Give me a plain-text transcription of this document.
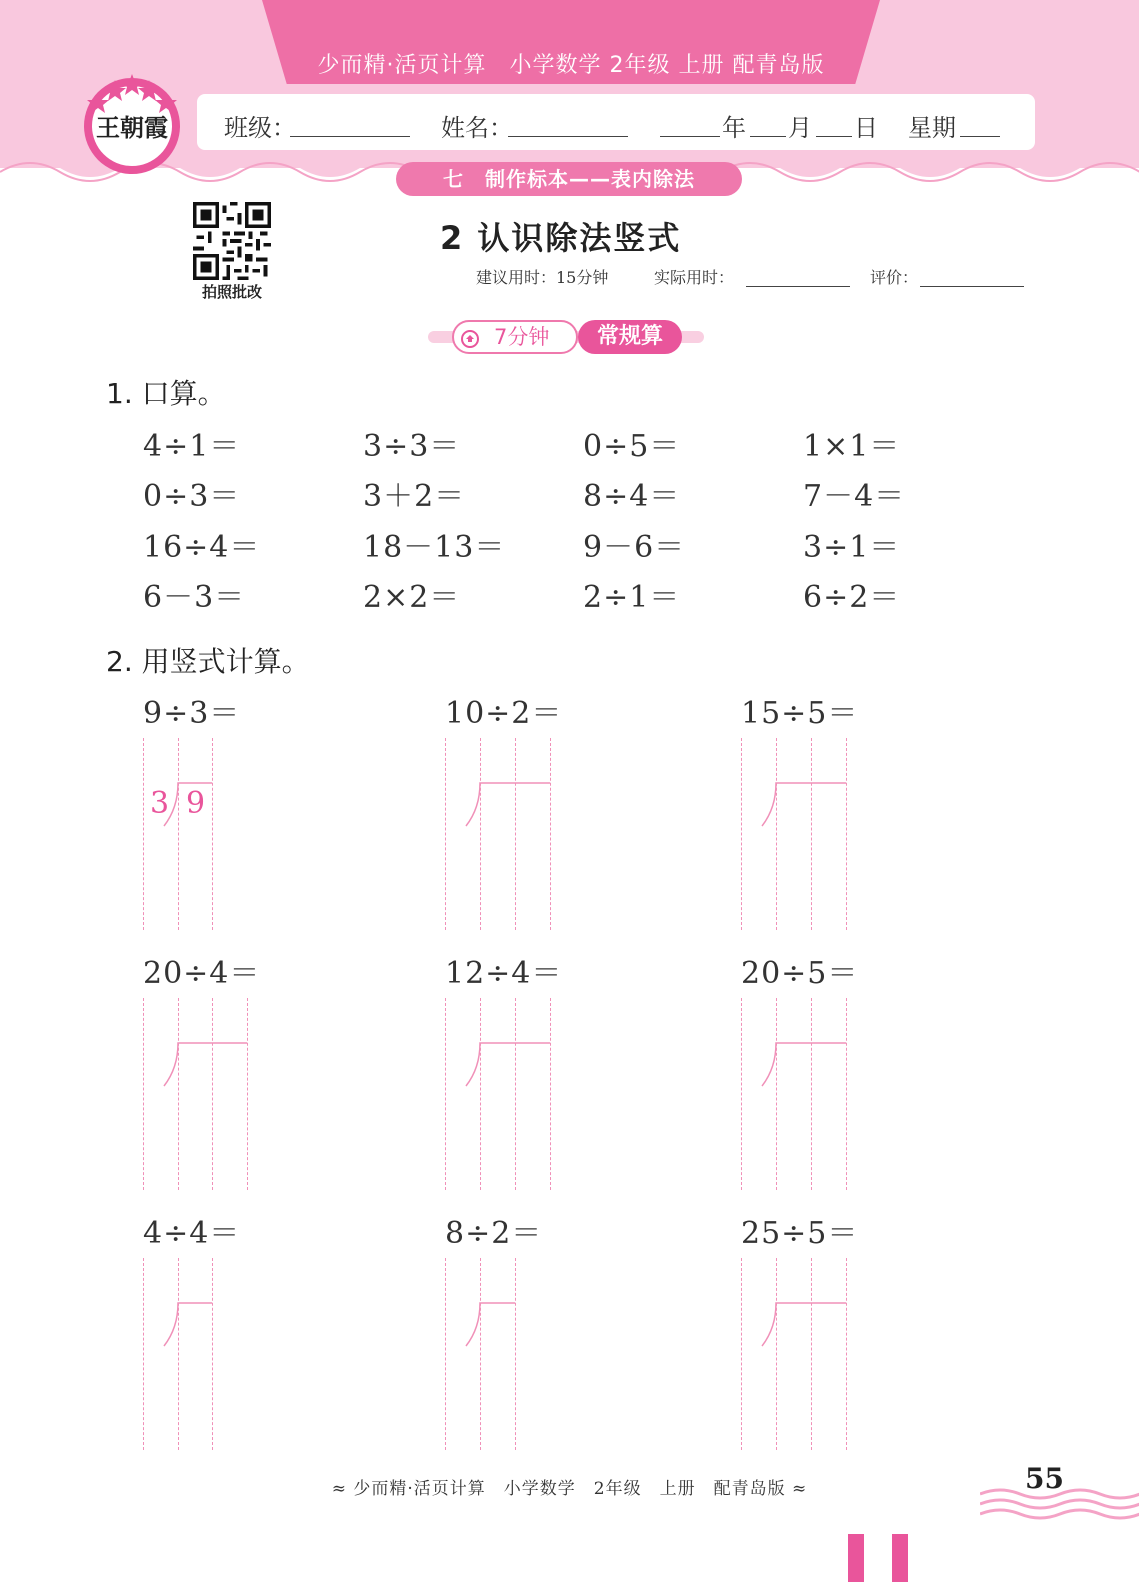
少而精·活页计算　小学数学 2年级 上册 配青岛版
王朝霞 班级：	姓名：	年 月 日 星期
七　制作标本——表内除法
拍照批改
2 认识除法竖式
建议用时：15分钟	实际用时：	评价：
7分钟	常规算
1. 口算。
4÷1＝	3÷3＝	0÷5＝	1×1＝
0÷3＝	3＋2＝	8÷4＝	7－4＝
16÷4＝	18－13＝	9－6＝	3÷1＝
6－3＝	2×2＝	2÷1＝	6÷2＝
2. 用竖式计算。
9÷3＝	10÷2＝	15÷5＝
20÷4＝	12÷4＝	20÷5＝
4÷4＝	8÷2＝	25÷5＝
3 9
≈ 少而精·活页计算　小学数学　2年级　上册　配青岛版 ≈	55
